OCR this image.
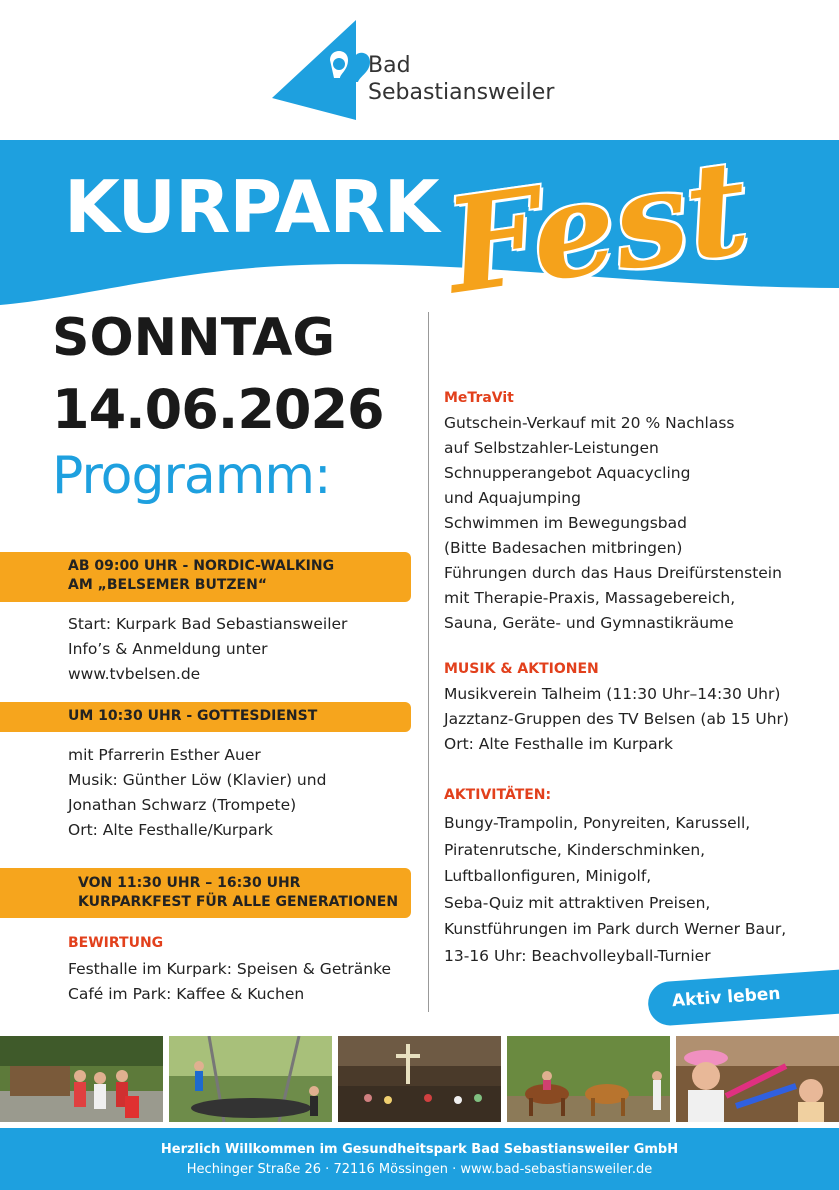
Bad
Sebastiansweiler
KURPARK
Fest
SONNTAG
14.06.2026
Programm:
AB 09:00 UHR - NORDIC-WALKING
AM „BELSEMER BUTZEN“
Start: Kurpark Bad Sebastiansweiler
Info’s & Anmeldung unter
www.tvbelsen.de
UM 10:30 UHR - GOTTESDIENST
mit Pfarrerin Esther Auer
Musik: Günther Löw (Klavier) und
Jonathan Schwarz (Trompete)
Ort: Alte Festhalle/Kurpark
VON 11:30 UHR – 16:30 UHR
KURPARKFEST FÜR ALLE GENERATIONEN
BEWIRTUNG
Festhalle im Kurpark: Speisen & Getränke
Café im Park: Kaffee & Kuchen
MeTraVit
Gutschein-Verkauf mit 20 % Nachlass
auf Selbstzahler-Leistungen
Schnupperangebot Aquacycling
und Aquajumping
Schwimmen im Bewegungsbad
(Bitte Badesachen mitbringen)
Führungen durch das Haus Dreifürstenstein
mit Therapie-Praxis, Massagebereich,
Sauna, Geräte- und Gymnastikräume
MUSIK & AKTIONEN
Musikverein Talheim (11:30 Uhr–14:30 Uhr)
Jazztanz-Gruppen des TV Belsen (ab 15 Uhr)
Ort: Alte Festhalle im Kurpark
AKTIVITÄTEN:
Bungy-Trampolin, Ponyreiten, Karussell,
Piratenrutsche, Kinderschminken,
Luftballonfiguren, Minigolf,
Seba-Quiz mit attraktiven Preisen,
Kunstführungen im Park durch Werner Baur,
13-16 Uhr: Beachvolleyball-Turnier
Aktiv leben
Herzlich Willkommen im Gesundheitspark Bad Sebastiansweiler GmbH
Hechinger Straße 26 · 72116 Mössingen · www.bad-sebastiansweiler.de
